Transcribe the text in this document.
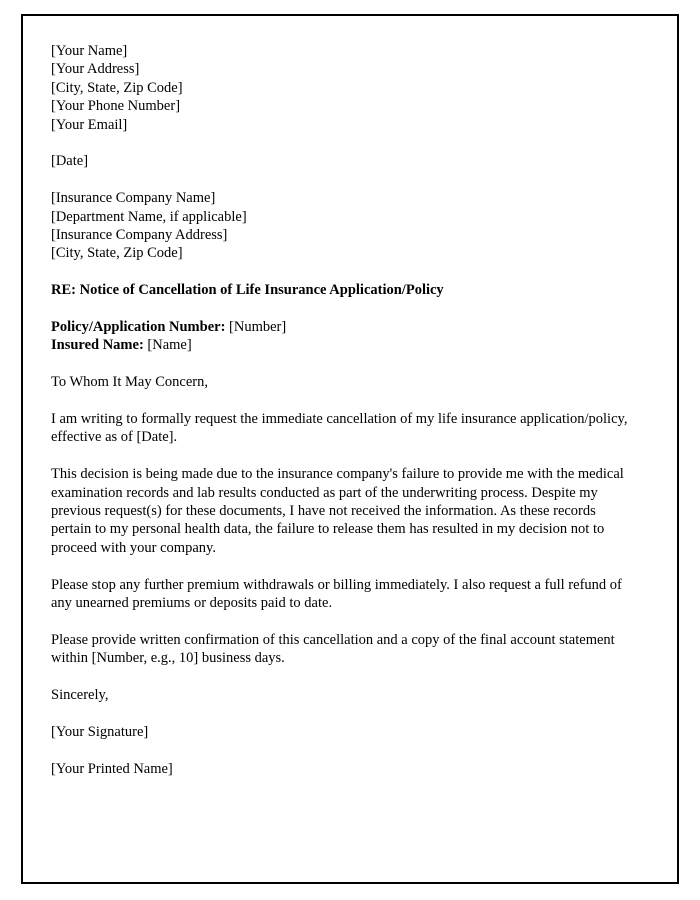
[Your Name]
[Your Address]
[City, State, Zip Code]
[Your Phone Number]
[Your Email]
[Date]
[Insurance Company Name]
[Department Name, if applicable]
[Insurance Company Address]
[City, State, Zip Code]
RE: Notice of Cancellation of Life Insurance Application/Policy
Policy/Application Number: [Number]
Insured Name: [Name]
To Whom It May Concern,
I am writing to formally request the immediate cancellation of my life insurance application/policy, effective as of [Date].
This decision is being made due to the insurance company's failure to provide me with the medical examination records and lab results conducted as part of the underwriting process. Despite my previous request(s) for these documents, I have not received the information. As these records pertain to my personal health data, the failure to release them has resulted in my decision not to proceed with your company.
Please stop any further premium withdrawals or billing immediately. I also request a full refund of any unearned premiums or deposits paid to date.
Please provide written confirmation of this cancellation and a copy of the final account statement within [Number, e.g., 10] business days.
Sincerely,
[Your Signature]
[Your Printed Name]
